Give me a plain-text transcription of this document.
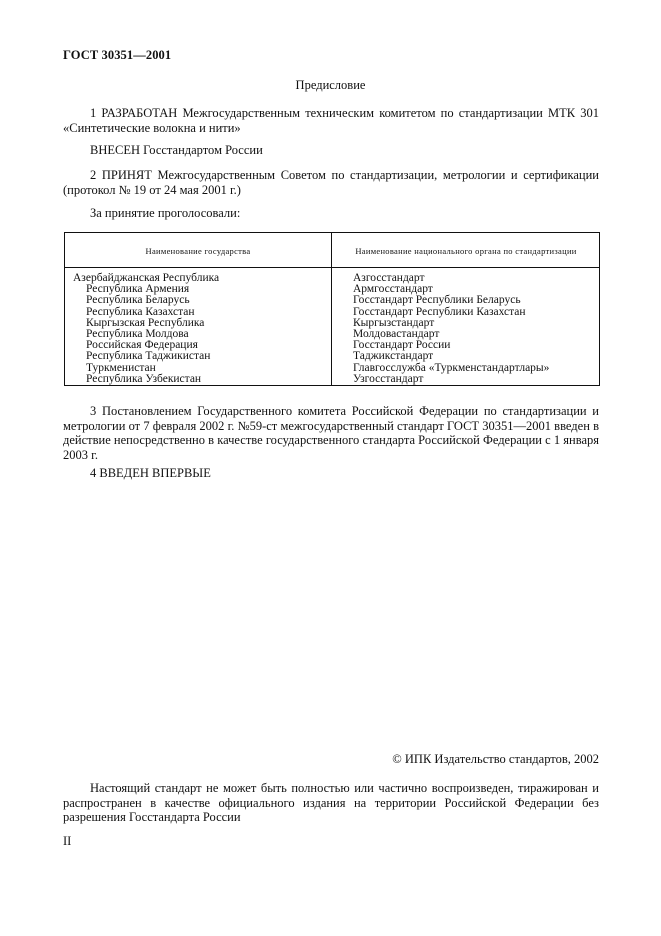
ГОСТ 30351—2001
Предисловие
1 РАЗРАБОТАН Межгосударственным техническим комитетом по стандартизации МТК 301 «Синтетические волокна и нити»
ВНЕСЕН Госстандартом России
2 ПРИНЯТ Межгосударственным Советом по стандартизации, метрологии и сертификации (протокол № 19 от 24 мая 2001 г.)
За принятие проголосовали:
Наименование государства	Наименование национального органа по стандартизации
Азербайджанская Республика
Республика Армения
Республика Беларусь
Республика Казахстан
Кыргызская Республика
Республика Молдова
Российская Федерация
Республика Таджикистан
Туркменистан
Республика Узбекистан
Азгосстандарт
Армгосстандарт
Госстандарт Республики Беларусь
Госстандарт Республики Казахстан
Кыргызстандарт
Молдовастандарт
Госстандарт России
Таджикстандарт
Главгосслужба «Туркменстандартлары»
Узгосстандарт
3 Постановлением Государственного комитета Российской Федерации по стандартизации и метрологии от 7 февраля 2002 г. №59-ст межгосударственный стандарт ГОСТ 30351—2001 введен в действие непосредственно в качестве государственного стандарта Российской Федерации с 1 января 2003 г.
4 ВВЕДЕН ВПЕРВЫЕ
© ИПК Издательство стандартов, 2002
Настоящий стандарт не может быть полностью или частично воспроизведен, тиражирован и распространен в качестве официального издания на территории Российской Федерации без разрешения Госстандарта России
II
